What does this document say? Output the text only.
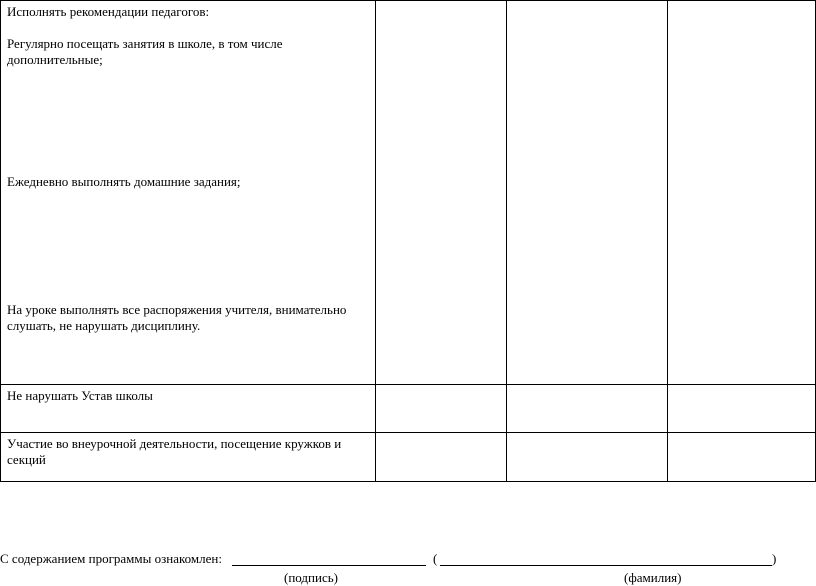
Исполнять рекомендации педагогов:

Регулярно посещать занятия в школе, в том числе дополнительные;

Ежедневно выполнять домашние задания;

На уроке выполнять все распоряжения учителя, внимательно слушать, не нарушать дисциплину.			

Не нарушать Устав школы			

Участие во внеурочной деятельности, посещение кружков и секций			

С содержанием программы ознакомлен:	(	)
(подпись)	(фамилия)
